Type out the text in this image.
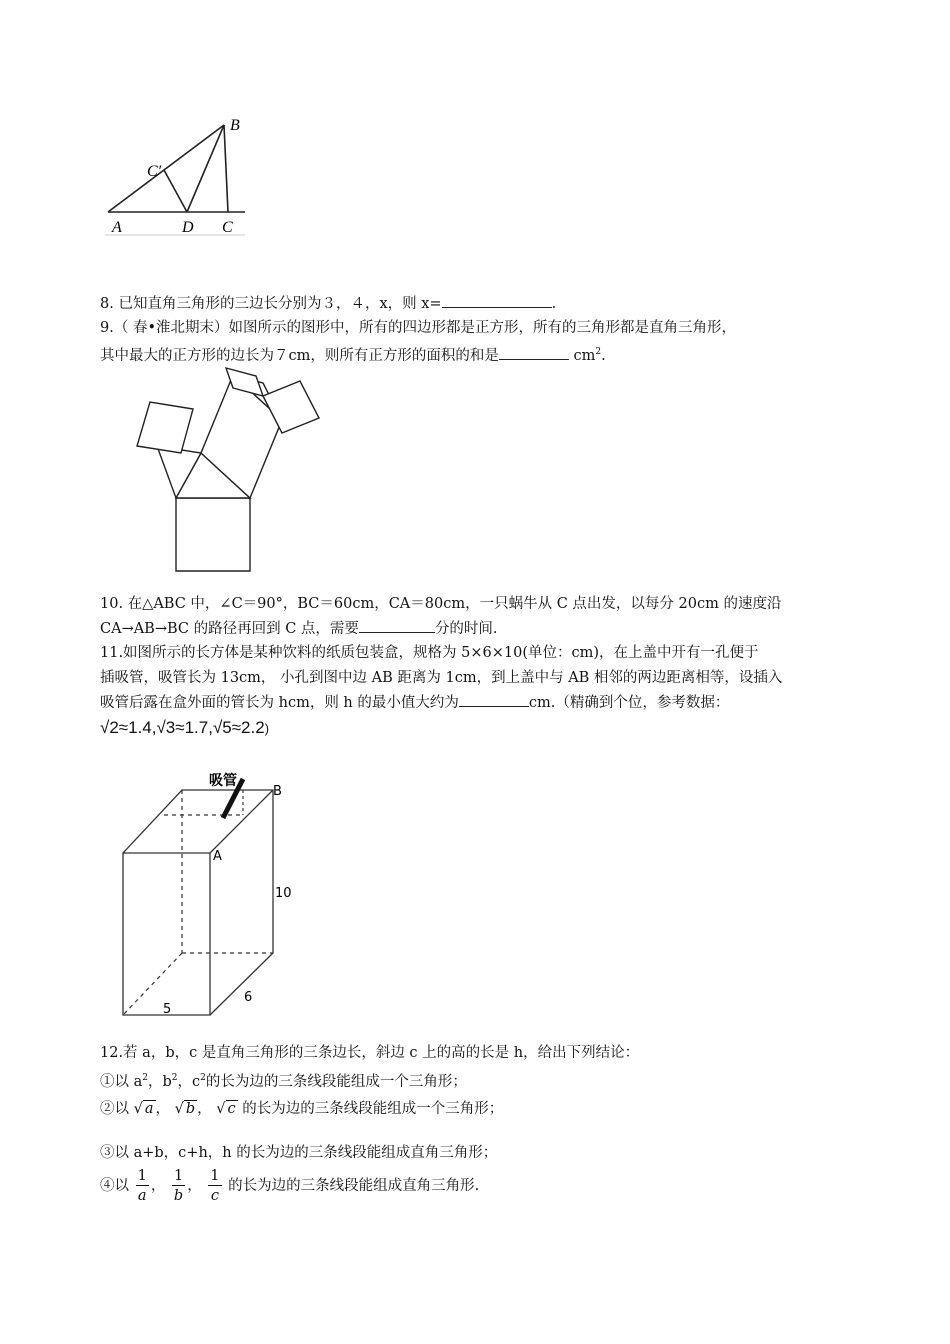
A	D C
B
C′
8. 已知直角三角形的三边长分别为３，４，x，则 x=	.
9.（ 春•淮北期末）如图所示的图形中，所有的四边形都是正方形，所有的三角形都是直角三角形，
其中最大的正方形的边长为７cm，则所有正方形的面积的和是	$cm^2$.
10. 在△ABC 中，∠C＝90°，BC＝60cm，CA＝80cm，一只蜗牛从 C 点出发，以每分 20cm 的速度沿
CA→AB→BC 的路径再回到 C 点，需要	分的时间.
11.如图所示的长方体是某种饮料的纸质包装盒，规格为 5×6×10(单位：cm)，在上盖中开有一孔便于
插吸管，吸管长为 13cm， 小孔到图中边 AB 距离为 1cm，到上盖中与 AB 相邻的两边距离相等，设插入
吸管后露在盒外面的管长为 hcm，则 h 的最小值大约为	cm.（精确到个位，参考数据：
√2≈1.4,√3≈1.7,√5≈2.2)
吸管
B
A
10
6
5
12.若 a，b，c 是直角三角形的三条边长，斜边 c 上的高的长是 h，给出下列结论：
①以 $a^2$，$b^2$，$c^2$的长为边的三条线段能组成一个三角形；
②以 √ a ， √ b ， √ c 的长为边的三条线段能组成一个三角形；
③以 a+b，c+h，h 的长为边的三条线段能组成直角三角形；
④以 $\frac{1}{a}$ ， $\frac{1}{b}$ ， $\frac{1}{c}$ 的长为边的三条线段能组成直角三角形.
